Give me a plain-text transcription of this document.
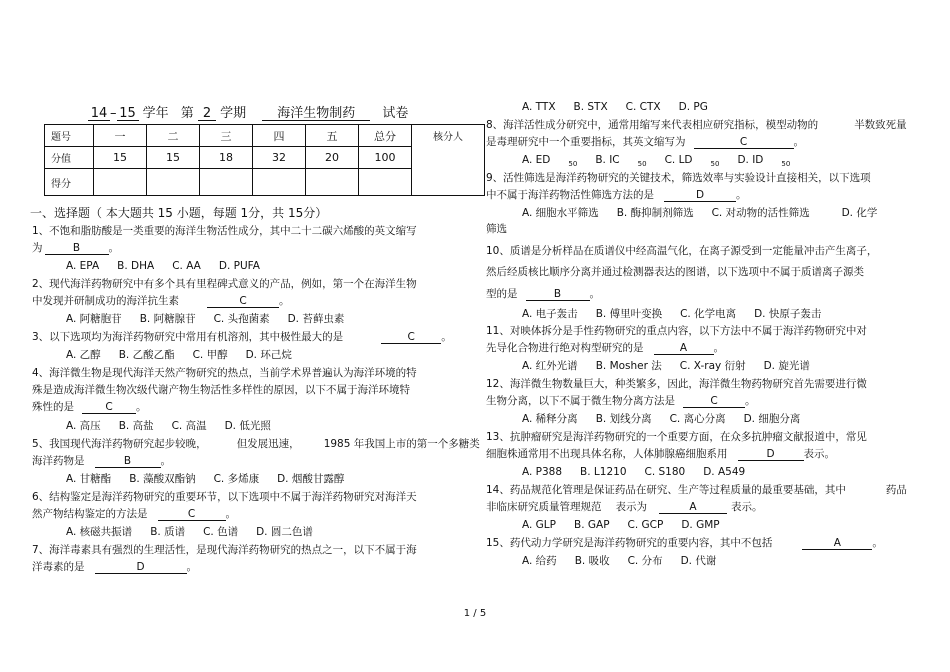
14 – 15 学年 第 2 学期 海洋生物制药 试卷
题号	一	二	三	四	五	总分	核分人
分值	15	15	18	32	20	100	
得分							
一、选择题（ 本大题共 15 小题，每题 1分，共 15分）
1、不饱和脂肪酸是一类重要的海洋生物活性成分，其中二十二碳六烯酸的英文缩写
为	B	。
A. EPA B. DHA C. AA D. PUFA
2、现代海洋药物研究中有多个具有里程碑式意义的产品，例如，第一个在海洋生物
中发现并研制成功的海洋抗生素	C	。
A. 阿糖胞苷 B. 阿糖腺苷 C. 头孢菌素 D. 苔藓虫素
3、以下选项均为海洋药物研究中常用有机溶剂，其中极性最大的是	C	。
A. 乙醇 B. 乙酸乙酯 C. 甲醇 D. 环己烷
4、海洋微生物是现代海洋天然产物研究的热点，当前学术界普遍认为海洋环境的特
殊是造成海洋微生物次级代谢产物生物活性多样性的原因，以下不属于海洋环境特
殊性的是	C 。
A. 高压 B. 高盐 C. 高温 D. 低光照
5、我国现代海洋药物研究起步较晚，	但发展迅速， 1985 年我国上市的第一个多糖类
海洋药物是	B	。
A. 甘糖酯 B. 藻酸双酯钠 C. 多烯康 D. 烟酸甘露醇
6、结构鉴定是海洋药物研究的重要环节，以下选项中不属于海洋药物研究对海洋天
然产物结构鉴定的方法是	C	。
A. 核磁共振谱 B. 质谱 C. 色谱 D. 圆二色谱
7、海洋毒素具有强烈的生理活性，是现代海洋药物研究的热点之一，以下不属于海
洋毒素的是	D	。
A. TTX B. STX C. CTX D. PG
8、海洋活性成分研究中，通常用缩写来代表相应研究指标，模型动物的	半数致死量
是毒理研究中一个重要指标，其英文缩写为	C	。
A. ED	$_{50}$ B. IC	$_{50}$ C. LD	$_{50}$ D. ID	$_{50}$
9、活性筛选是海洋药物研究的关键技术，筛选效率与实验设计直接相关，以下选项
中不属于海洋药物活性筛选方法的是	D	。
A. 细胞水平筛选 B. 酶抑制剂筛选 C. 对动物的活性筛选	D. 化学
筛选
10、质谱是分析样品在质谱仪中经高温气化，在离子源受到一定能量冲击产生离子，
然后经质核比顺序分离并通过检测器表达的图谱，以下选项中不属于质谱离子源类
型的是	B	。
A. 电子轰击 B. 傅里叶变换 C. 化学电离 D. 快原子轰击
11、对映体拆分是手性药物研究的重点内容，以下方法中不属于海洋药物研究中对
先导化合物进行绝对构型研究的是	A	。
A. 红外光谱 B. Mosher 法 C. X-ray 衍射 D. 旋光谱
12、海洋微生物数量巨大，种类繁多，因此，海洋微生物药物研究首先需要进行微
生物分离，以下不属于微生物分离方法是	C	。
A. 稀释分离 B. 划线分离 C. 离心分离 D. 细胞分离
13、抗肿瘤研究是海洋药物研究的一个重要方面，在众多抗肿瘤文献报道中，常见
细胞株通常用不出现具体名称，人体肺腺癌细胞系用	D	表示。
A. P388 B. L1210 C. S180 D. A549
14、药品规范化管理是保证药品在研究、生产等过程质量的最重要基础，其中	药品
非临床研究质量管理规范 表示为	A	表示。
A. GLP B. GAP C. GCP D. GMP
15、药代动力学研究是海洋药物研究的重要内容，其中不包括	A	。
A. 给药 B. 吸收 C. 分布 D. 代谢
1 / 5
